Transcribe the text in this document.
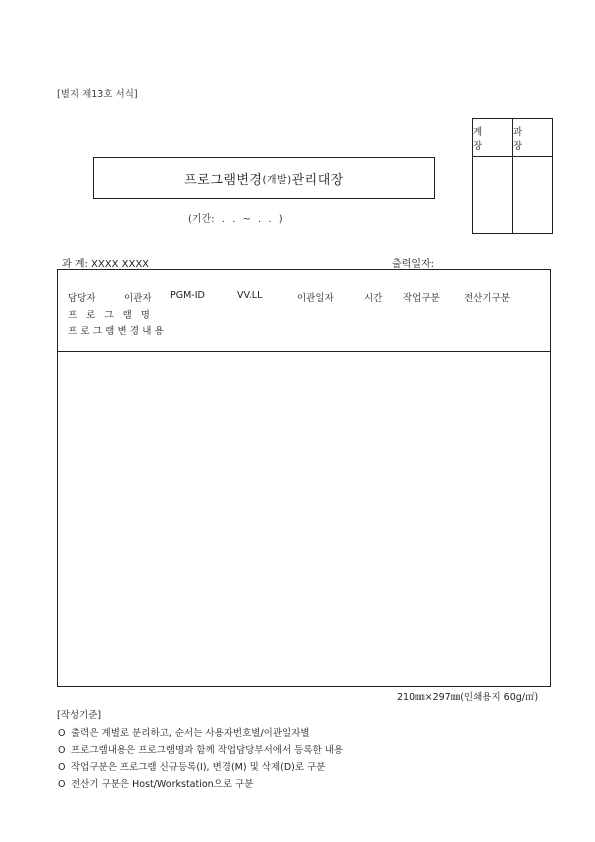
[별지 제13호 서식]
계 장
과 장
프로그램변경 (개발) 관리대장
(기간: . . ~ . . )
과 계: XXXX XXXX	출력일자:
담당자	이관자 PGM-ID	VV.LL	이관일자	시간 작업구분	전산기구분
프로그램명
프로그램변경내용
210㎜×297㎜(인쇄용지 60g/㎡)
[작성기준]
O 출력은 계별로 분리하고, 순서는 사용자번호별/이관일자별
O 프로그램내용은 프로그램명과 함께 작업담당부서에서 등록한 내용
O 작업구분은 프로그램 신규등록(I), 변경(M) 및 삭제(D)로 구분
O 전산기 구분은 Host/Workstation으로 구분
